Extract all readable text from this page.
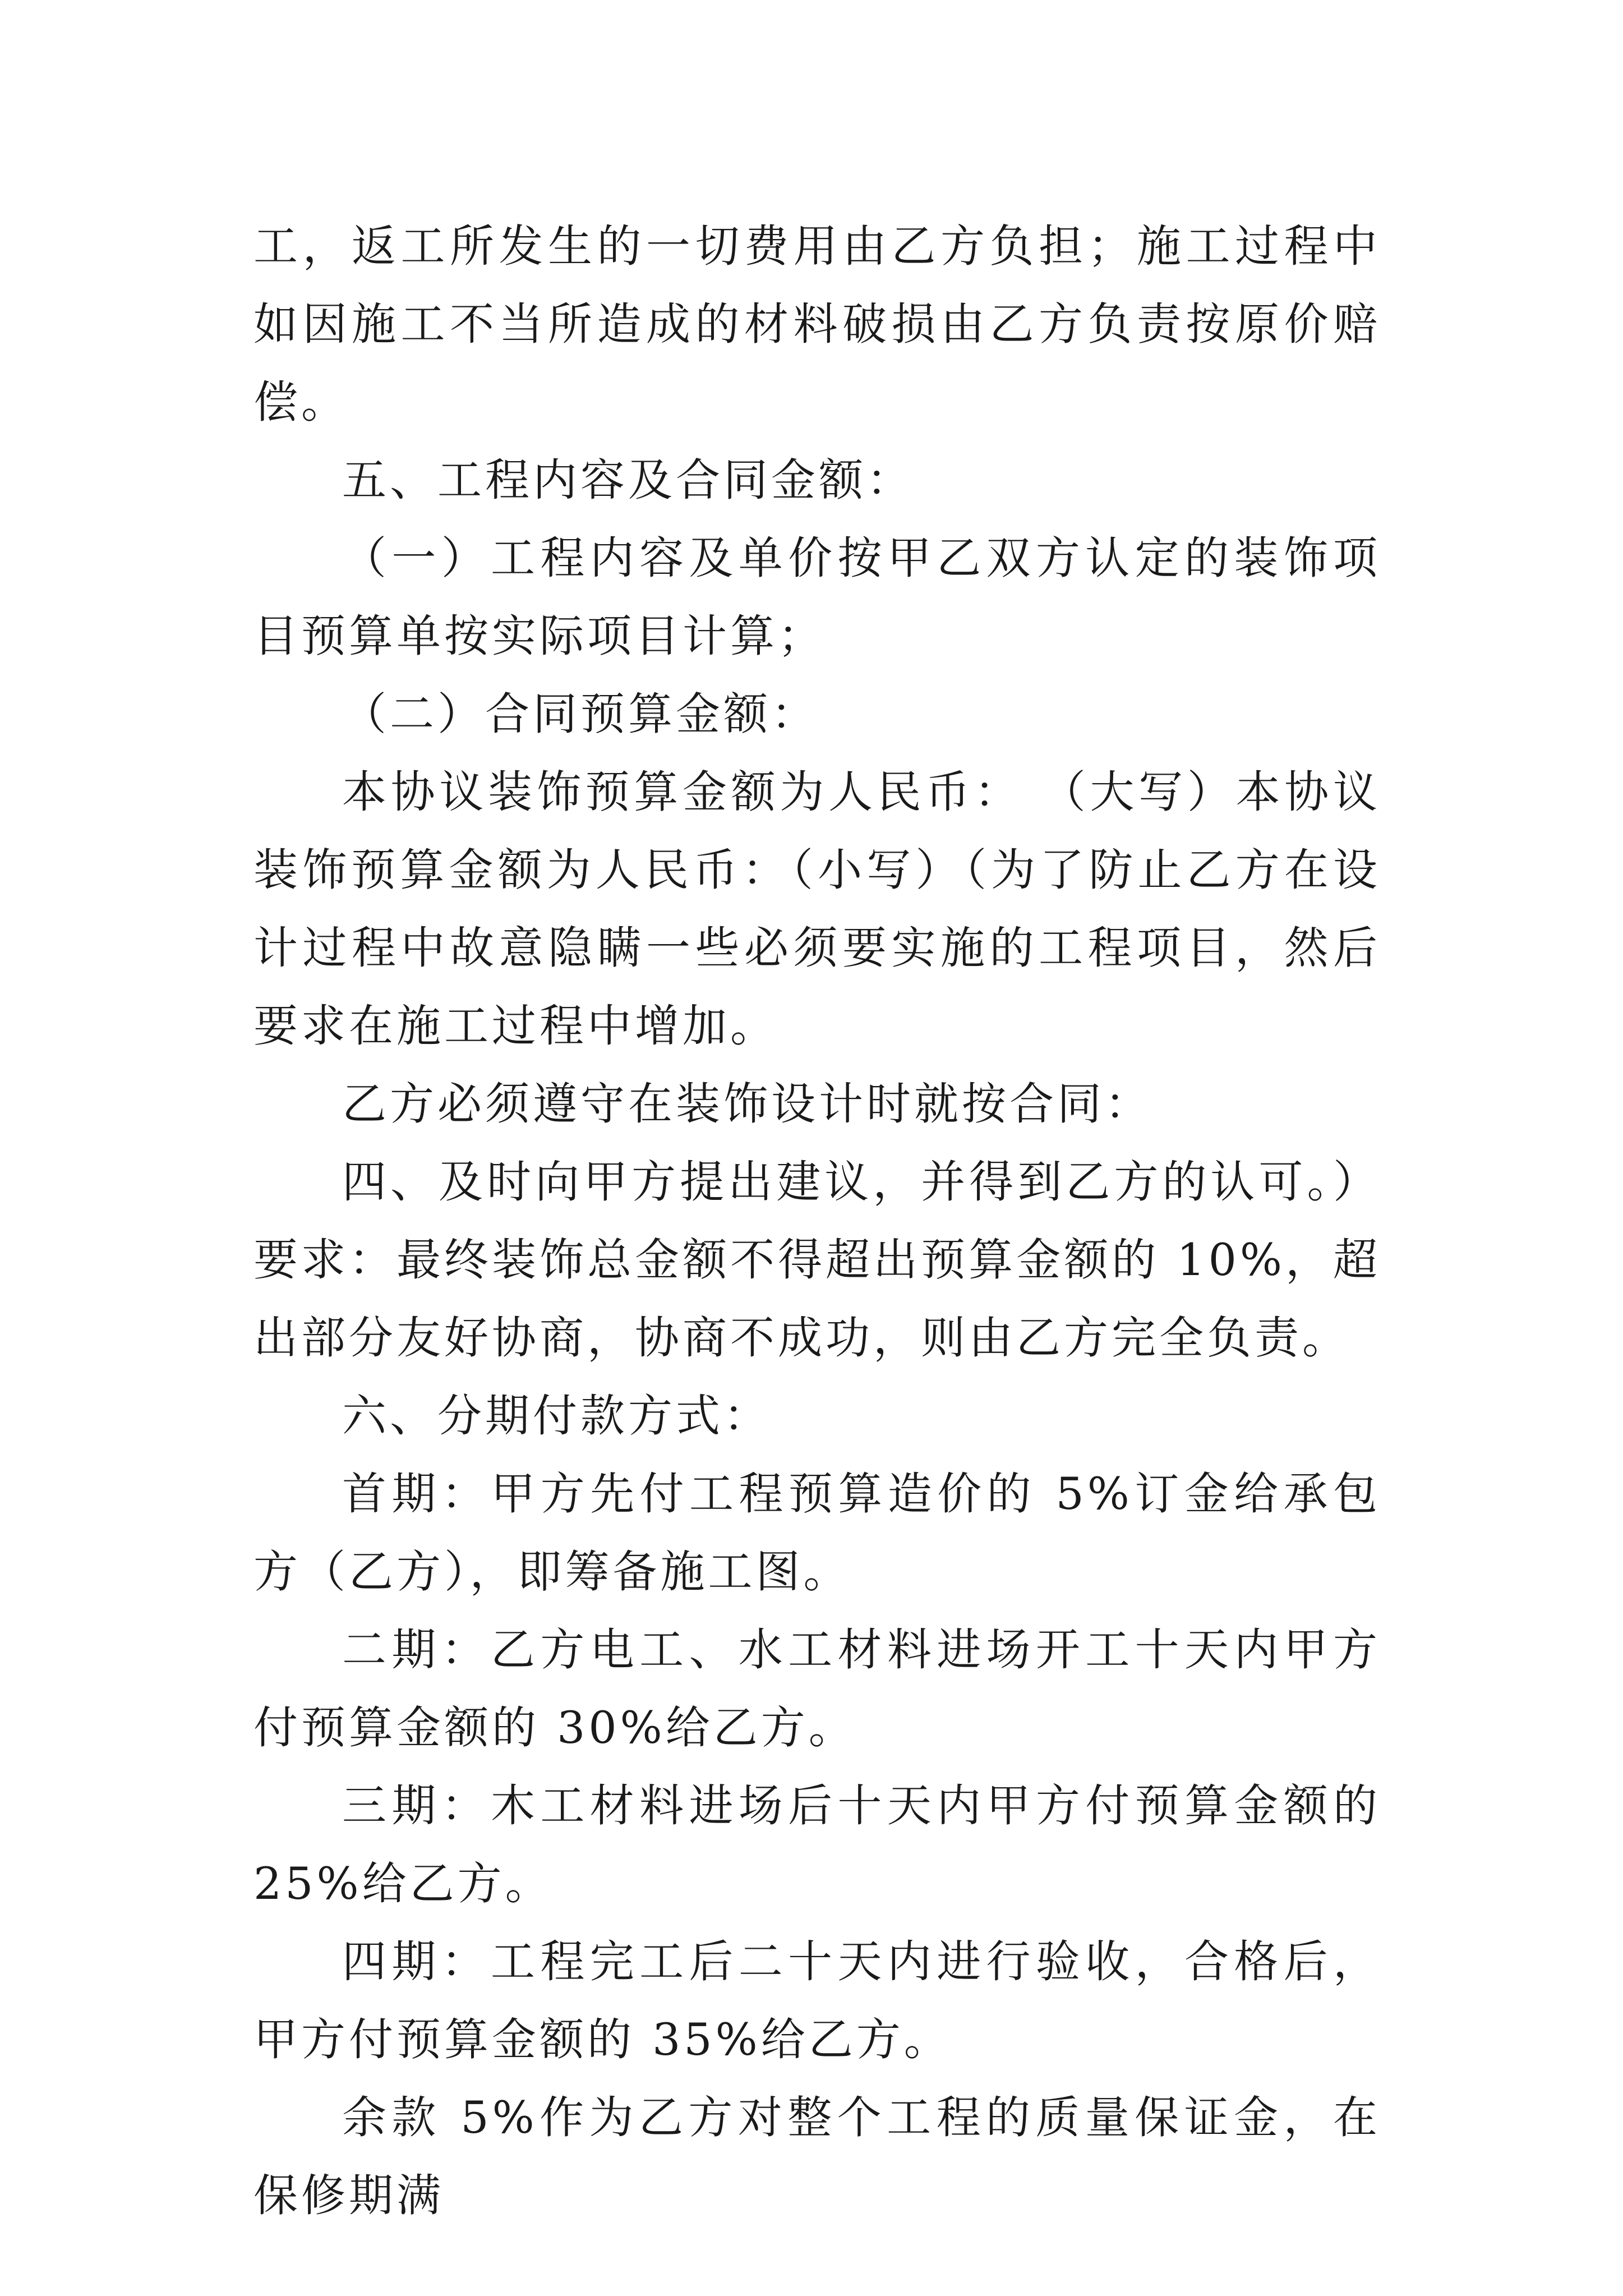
工，返工所发生的一切费用由乙方负担；施工过程中如因施工不当所造成的材料破损由乙方负责按原价赔偿。

五、工程内容及合同金额：

（一）工程内容及单价按甲乙双方认定的装饰项目预算单按实际项目计算；

（二）合同预算金额：

本协议装饰预算金额为人民币： （大写）本协议装饰预算金额为人民币：（小写）（为了防止乙方在设计过程中故意隐瞒一些必须要实施的工程项目，然后要求在施工过程中增加。

乙方必须遵守在装饰设计时就按合同：

四、及时向甲方提出建议，并得到乙方的认可。）要求：最终装饰总金额不得超出预算金额的 10%，超出部分友好协商，协商不成功，则由乙方完全负责。

六、分期付款方式：

首期：甲方先付工程预算造价的 5%订金给承包方（乙方），即筹备施工图。

二期：乙方电工、水工材料进场开工十天内甲方付预算金额的 30%给乙方。

三期：木工材料进场后十天内甲方付预算金额的 25%给乙方。

四期：工程完工后二十天内进行验收，合格后，甲方付预算金额的 35%给乙方。

余款 5%作为乙方对整个工程的质量保证金，在保修期满
